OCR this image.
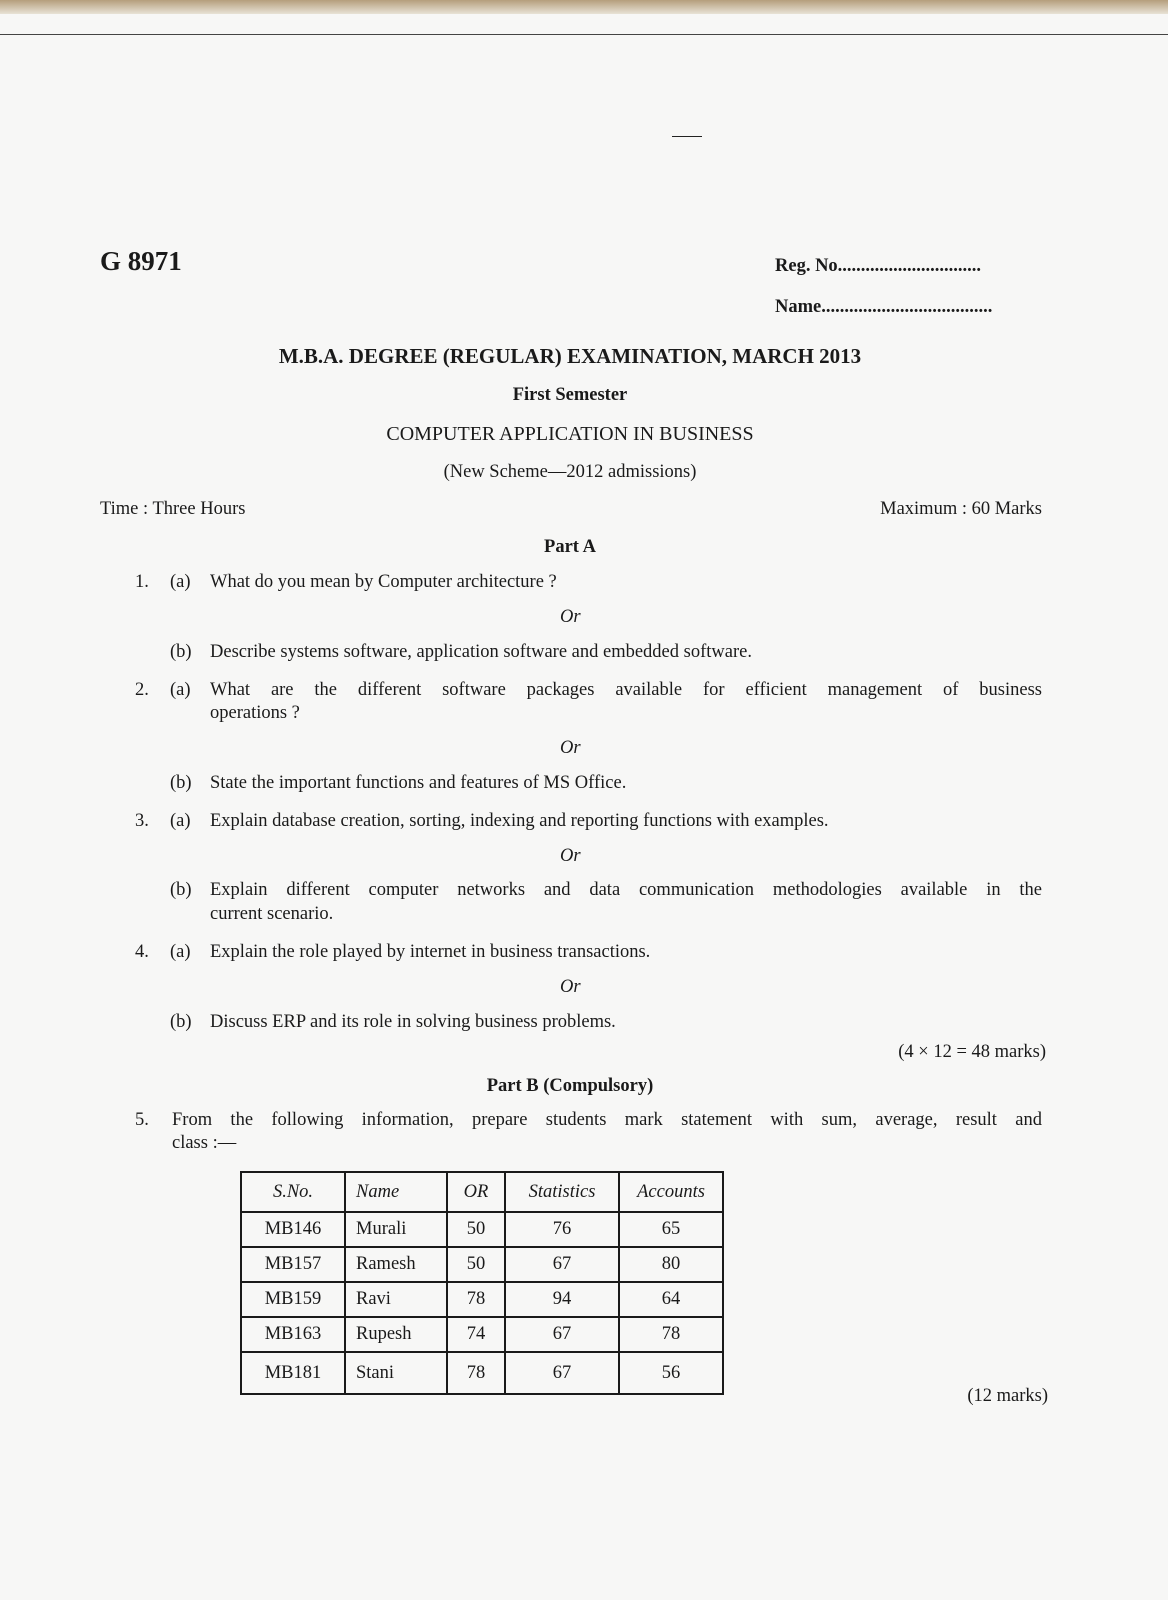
G 8971	Reg. No...............................
Name.....................................
M.B.A. DEGREE (REGULAR) EXAMINATION, MARCH 2013
First Semester
COMPUTER APPLICATION IN BUSINESS
(New Scheme—2012 admissions)
Time : Three Hours	Maximum : 60 Marks
Part A
1. (a) What do you mean by Computer architecture ?
Or
(b) Describe systems software, application software and embedded software.
2. (a) What are the different software packages available for efficient management of business
operations ?
Or
(b) State the important functions and features of MS Office.
3. (a) Explain database creation, sorting, indexing and reporting functions with examples.
Or
(b) Explain different computer networks and data communication methodologies available in the
current scenario.
4. (a) Explain the role played by internet in business transactions.
Or
(b) Discuss ERP and its role in solving business problems.
(4 × 12 = 48 marks)
Part B (Compulsory)
5. From the following information, prepare students mark statement with sum, average, result and
class :—
S.No.	Name	OR	Statistics	Accounts
MB146	Murali	50	76	65
MB157	Ramesh	50	67	80
MB159	Ravi	78	94	64
MB163	Rupesh	74	67	78
MB181	Stani	78	67	56
(12 marks)
